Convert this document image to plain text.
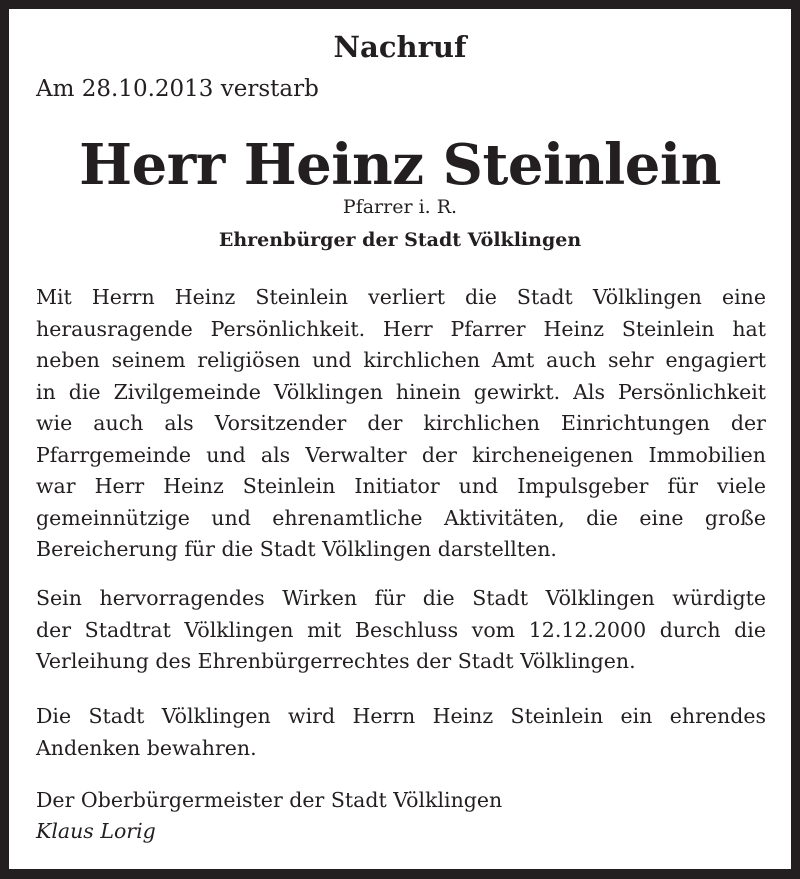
Nachruf
Am 28.10.2013 verstarb
Herr Heinz Steinlein
Pfarrer i. R.
Ehrenbürger der Stadt Völklingen
Mit Herrn Heinz Steinlein verliert die Stadt Völklingen eine
herausragende Persönlichkeit. Herr Pfarrer Heinz Steinlein hat
neben seinem religiösen und kirchlichen Amt auch sehr engagiert
in die Zivilgemeinde Völklingen hinein gewirkt. Als Persönlichkeit
wie auch als Vorsitzender der kirchlichen Einrichtungen der
Pfarrgemeinde und als Verwalter der kircheneigenen Immobilien
war Herr Heinz Steinlein Initiator und Impulsgeber für viele
gemeinnützige und ehrenamtliche Aktivitäten, die eine große
Bereicherung für die Stadt Völklingen darstellten.
Sein hervorragendes Wirken für die Stadt Völklingen würdigte
der Stadtrat Völklingen mit Beschluss vom 12.12.2000 durch die
Verleihung des Ehrenbürgerrechtes der Stadt Völklingen.
Die Stadt Völklingen wird Herrn Heinz Steinlein ein ehrendes
Andenken bewahren.
Der Oberbürgermeister der Stadt Völklingen
Klaus Lorig
